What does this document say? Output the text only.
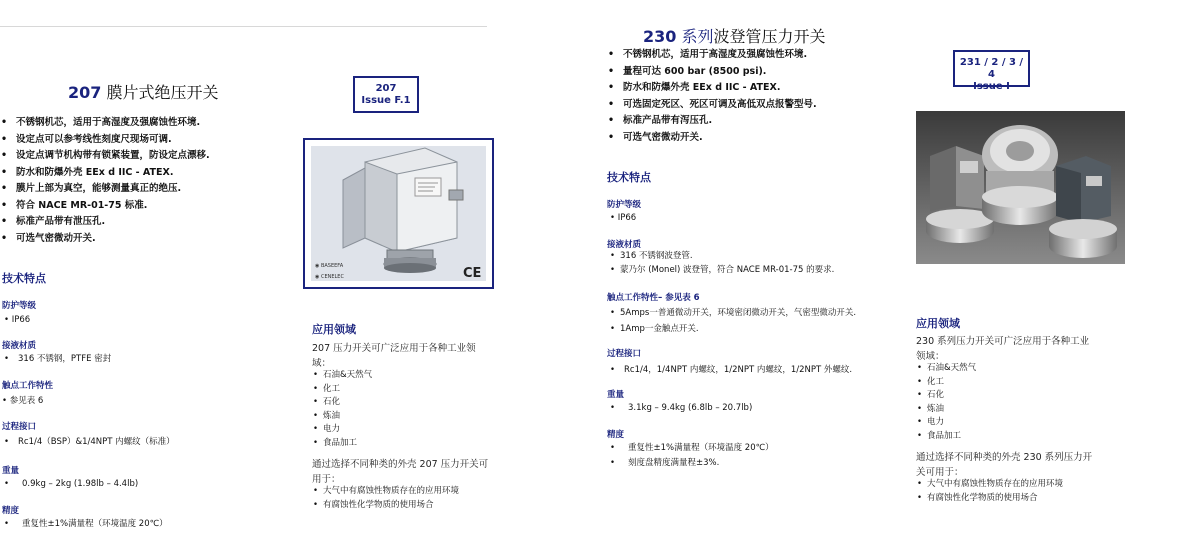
207 膜片式绝压开关	207
Issue F.1
• 不锈钢机芯，适用于高湿度及强腐蚀性环境.
• 设定点可以参考线性刻度尺现场可调.
• 设定点调节机构带有锁紧装置，防设定点漂移.
• 防水和防爆外壳 EEx d IIC - ATEX.
• 膜片上部为真空，能够测量真正的绝压.
• 符合 NACE MR-01-75 标准.
• 标准产品带有泄压孔.
• 可选气密微动开关.
技术特点
防护等级
• IP66
接液材质
• 316 不锈钢，PTFE 密封
触点工作特性
• 参见表 6
过程接口
• Rc1/4（BSP）&1/4NPT 内螺纹（标准）
重量
• 0.9kg – 2kg (1.98lb – 4.4lb)
精度
• 重复性±1%满量程（环境温度 20℃）
◉ BASEEFA
◉ CENELEC	CE
应用领域
207 压力开关可广泛应用于各种工业领域：
• 石油&天然气
• 化工
• 石化
• 炼油
• 电力
• 食品加工
通过选择不同种类的外壳 207 压力开关可用于：
• 大气中有腐蚀性物质存在的应用环境
• 有腐蚀性化学物质的使用场合
230 系列波登管压力开关
• 不锈钢机芯，适用于高湿度及强腐蚀性环境.
• 量程可达 600 bar (8500 psi).
• 防水和防爆外壳 EEx d IIC - ATEX.
• 可选固定死区、死区可调及高低双点报警型号.
• 标准产品带有泻压孔.
• 可选气密微动开关.
231 / 2 / 3 / 4
Issue I
技术特点
防护等级
• IP66
接液材质
• 316 不锈钢波登管.
• 蒙乃尔 (Monel) 波登管，符合 NACE MR-01-75 的要求.
触点工作特性– 参见表 6
• 5Amps一普通微动开关，环境密闭微动开关，气密型微动开关.
• 1Amp一金触点开关.
过程接口
• Rc1/4，1/4NPT 内螺纹，1/2NPT 内螺纹，1/2NPT 外螺纹.
重量
• 3.1kg – 9.4kg (6.8lb – 20.7lb)
精度
• 重复性±1%满量程（环境温度 20℃）
• 刻度盘精度满量程±3%.
应用领域
230 系列压力开关可广泛应用于各种工业领域：
• 石油&天然气
• 化工
• 石化
• 炼油
• 电力
• 食品加工
通过选择不同种类的外壳 230 系列压力开关可用于：
• 大气中有腐蚀性物质存在的应用环境
• 有腐蚀性化学物质的使用场合
